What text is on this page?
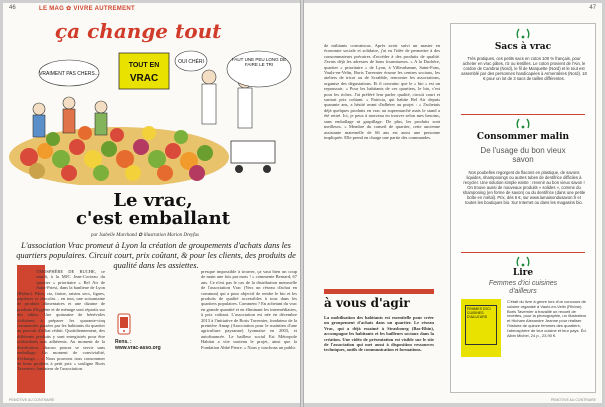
46	LE MAG ✿ VIVRE AUTREMENT
ça change tout
TOUT EN
VRAC
VRAIMENT PAS CHERS...
OUI CHÉRI	FAUT UNE PEU LONG DE FAIRE LE TRI
Le vrac,
c'est emballant
par Isabelle Marchand ✿ illustration Marion Dreyfus
L'association Vrac promeut à Lyon la création de groupements d'achats dans les quartiers populaires. Circuit court, prix coûtant, & pour les clients, des produits de qualité dans les assiettes.
ATMOSPHÈRE DE RUCHE, ce mardi, à la MJC Jean-Cocteau du quartier « prioritaire » Bel Air de Saint-Priest, dans la banlieue de Lyon (Rhône). Pâtes, riz, farine, raisins secs, figues, papilotes et chocolat… en tout, une soixantaine de produits alimentaires et une dizaine de produits d'hygiène et de ménage sont répartis sur des tables. Une quinzaine de bénévoles s'affairent à préparer les quarante-cinq commandes passées par les habitants du quartier au pouvoir d'achat réduit. Quotidiennement, des différents produits y sont enregistrés pour être redistribués aux adhérents. Au moment de la distribution, chacun pourra se servir sans emballage. Un moment de convivialité, d'échange… « Nous pouvons tous consommer de bons produits à petit prix » souligne Boris Tavernier, fondateur de l'association.
Rens. :
www.vrac-asso.org
presque impossible à trouver, ça vaut bien un coup de main une fois par mois ! » commente Bernard, 67 ans. Ce n'est pas le cas de la distribution mensuelle de l'association Vrac (Vers un réseau d'achat en commun) qui a pour objectif de rendre le bio et les produits de qualité accessibles à tous dans les quartiers populaires. Comment ? En achetant du vrac en grande quantité et en éliminant les intermédiaires, à prix coûtant. L'association est née en décembre 2013 à l'initiative de Boris Tavernier, fondateur de la première Amap (Association pour le maintien d'une agriculture paysanne) lyonnaise en 2003, et autofinancée. Le bailleur social Est Métropole Habitat a vite soutenu le projet, ainsi que la Fondation Abbé Pierre. « Nous y touchons un public
PEMOTIVE AU CONTRAIRE
47
de militants convaincus. Après avoir suivi un master en économie sociale et solidaire, j'ai eu l'idée de permettre à des consommateurs précaires d'accéder à des produits de qualité. J'avais déjà les adresses de bons fournisseurs. » A la Duchère, quartier « prioritaire » de Lyon, à Villeurbanne, Saint-Fons, Vaulx-en-Velin, Boris Tavernier écume les centres sociaux, les ateliers de tricot ou de Scrabble, rencontre les associations, organise des dégustations. Et il convainc que le « bio » est un repoussoir. « Pour les habitants de ces quartiers, le bio, c'est pour les riches. J'ai préféré leur parler qualité, circuit court et surtout prix coûtant. » Patricia, qui habite Bel Air depuis quarante ans, a hésité avant d'adhérer au projet : « J'achetais déjà quelques produits en vrac au supermarché mais le stand a été retiré. Ici, je peux à nouveau en trouver selon mes besoins, sans emballage ni gaspillage. De plus, les produits sont meilleurs. » Membre du conseil de quartier, cette ancienne assistante maternelle de 66 ans est aussi une personne impliquée. Elle prend en charge une partie des commandes.
à vous d'agir
La mobilisation des habitants est essentielle pour créer un groupement d'achats dans un quartier. Le réseau Vrac, qui a déjà essaimé à Strasbourg (Bas-Rhin), accompagne les habitants et les bailleurs sociaux dans la création. Une vidéo de présentation est visible sur le site de l'association qui met aussi à disposition ressources techniques, outils de communication et formations.
Sacs à vrac
Très pratiques, ces petits sacs en coton 100 % français, pour acheter en vrac pâtes, riz ou lentilles. Le coton provient de l'Ain, le cordon de Cambrai (Nord), le fil de Marquette (Nord) et le tout est assemblé par des personnes handicapées à Armentières (Nord). 18 € pour un lot de 3 sacs de tailles différentes.
Consommer malin
De l'usage du bon vieux savon
Nos poubelles regorgent de flacons en plastique, de savons liquides, shampooings ou autres tubes de dentifrice difficiles à recycler. Une solution simple existe : revenir au bon vieux savon ! On trouve aussi de nouveaux produits « solides », comme du shampooing (en forme de savon) ou du dentifrice (dans une petite boîte en métal). Prix, dès 6 €, sur www.lamaisondusavon.fr et toutes les boutiques bio. Sur Internet ou dans les magasins bio.
Lire
Femmes d'ici cuisines d'ailleurs
FEMMES D'ICI CUISINES D'AILLEURS
C'était du livre à genre lors d'un concours de cuisine organisé à Vaulx-en-Velin (Rhône). Boris Tavernier à travaillé un recueil de recettes, pour la photographie, un illustrateur et Hicham Alexandre Jeanne pour réaliser l'histoire de quinze femmes des quartiers, l'atmosphère de leur cuisine et leur pays. Éd. Albin Michel, 24 p., 23,90 €.
PEMOTIVE AU CONTRAIRE
